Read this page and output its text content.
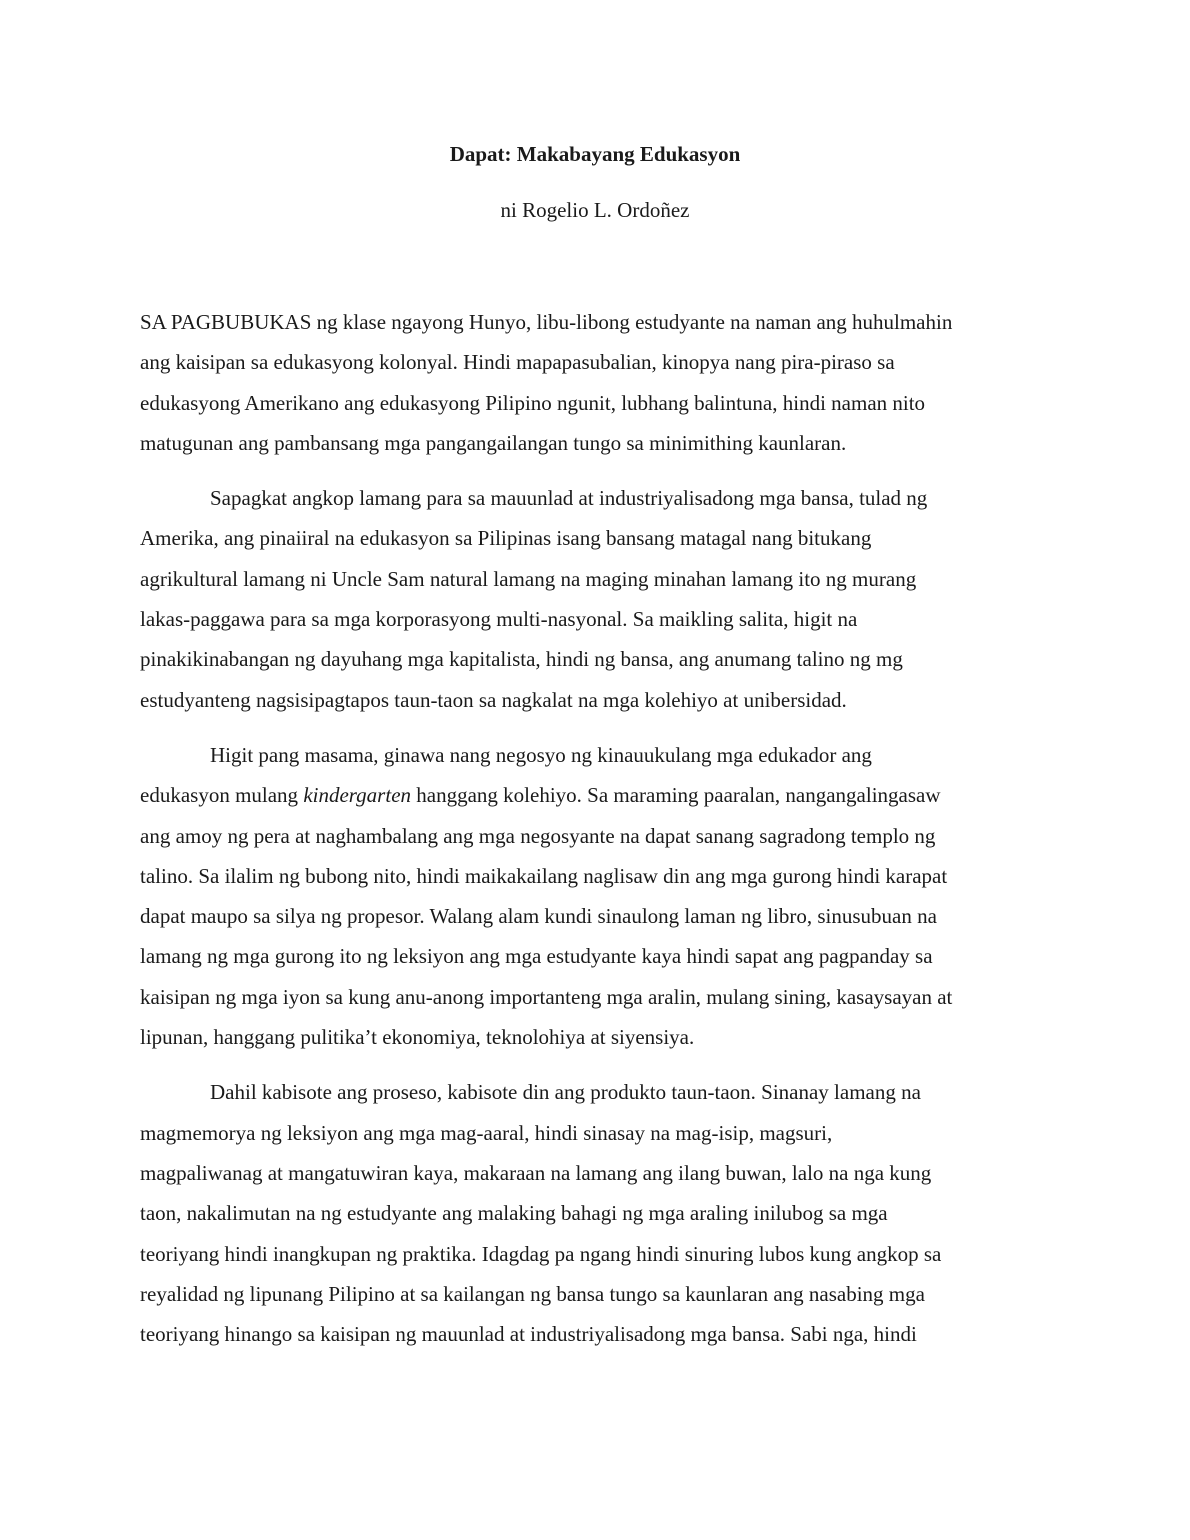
Dapat: Makabayang Edukasyon

ni Rogelio L. Ordoñez

SA PAGBUBUKAS ng klase ngayong Hunyo, libu-libong estudyante na naman ang huhulmahin
ang kaisipan sa edukasyong kolonyal. Hindi mapapasubalian, kinopya nang pira-piraso sa
edukasyong Amerikano ang edukasyong Pilipino ngunit, lubhang balintuna, hindi naman nito
matugunan ang pambansang mga pangangailangan tungo sa minimithing kaunlaran.

Sapagkat angkop lamang para sa mauunlad at industriyalisadong mga bansa, tulad ng
Amerika, ang pinaiiral na edukasyon sa Pilipinas isang bansang matagal nang bitukang
agrikultural lamang ni Uncle Sam natural lamang na maging minahan lamang ito ng murang
lakas-paggawa para sa mga korporasyong multi-nasyonal. Sa maikling salita, higit na
pinakikinabangan ng dayuhang mga kapitalista, hindi ng bansa, ang anumang talino ng mg
estudyanteng nagsisipagtapos taun-taon sa nagkalat na mga kolehiyo at unibersidad.

Higit pang masama, ginawa nang negosyo ng kinauukulang mga edukador ang
edukasyon mulang kindergarten hanggang kolehiyo. Sa maraming paaralan, nangangalingasaw
ang amoy ng pera at naghambalang ang mga negosyante na dapat sanang sagradong templo ng
talino. Sa ilalim ng bubong nito, hindi maikakailang naglisaw din ang mga gurong hindi karapat
dapat maupo sa silya ng propesor. Walang alam kundi sinaulong laman ng libro, sinusubuan na
lamang ng mga gurong ito ng leksiyon ang mga estudyante kaya hindi sapat ang pagpanday sa
kaisipan ng mga iyon sa kung anu-anong importanteng mga aralin, mulang sining, kasaysayan at
lipunan, hanggang pulitika’t ekonomiya, teknolohiya at siyensiya.

Dahil kabisote ang proseso, kabisote din ang produkto taun-taon. Sinanay lamang na
magmemorya ng leksiyon ang mga mag-aaral, hindi sinasay na mag-isip, magsuri,
magpaliwanag at mangatuwiran kaya, makaraan na lamang ang ilang buwan, lalo na nga kung
taon, nakalimutan na ng estudyante ang malaking bahagi ng mga araling inilubog sa mga
teoriyang hindi inangkupan ng praktika. Idagdag pa ngang hindi sinuring lubos kung angkop sa
reyalidad ng lipunang Pilipino at sa kailangan ng bansa tungo sa kaunlaran ang nasabing mga
teoriyang hinango sa kaisipan ng mauunlad at industriyalisadong mga bansa. Sabi nga, hindi
